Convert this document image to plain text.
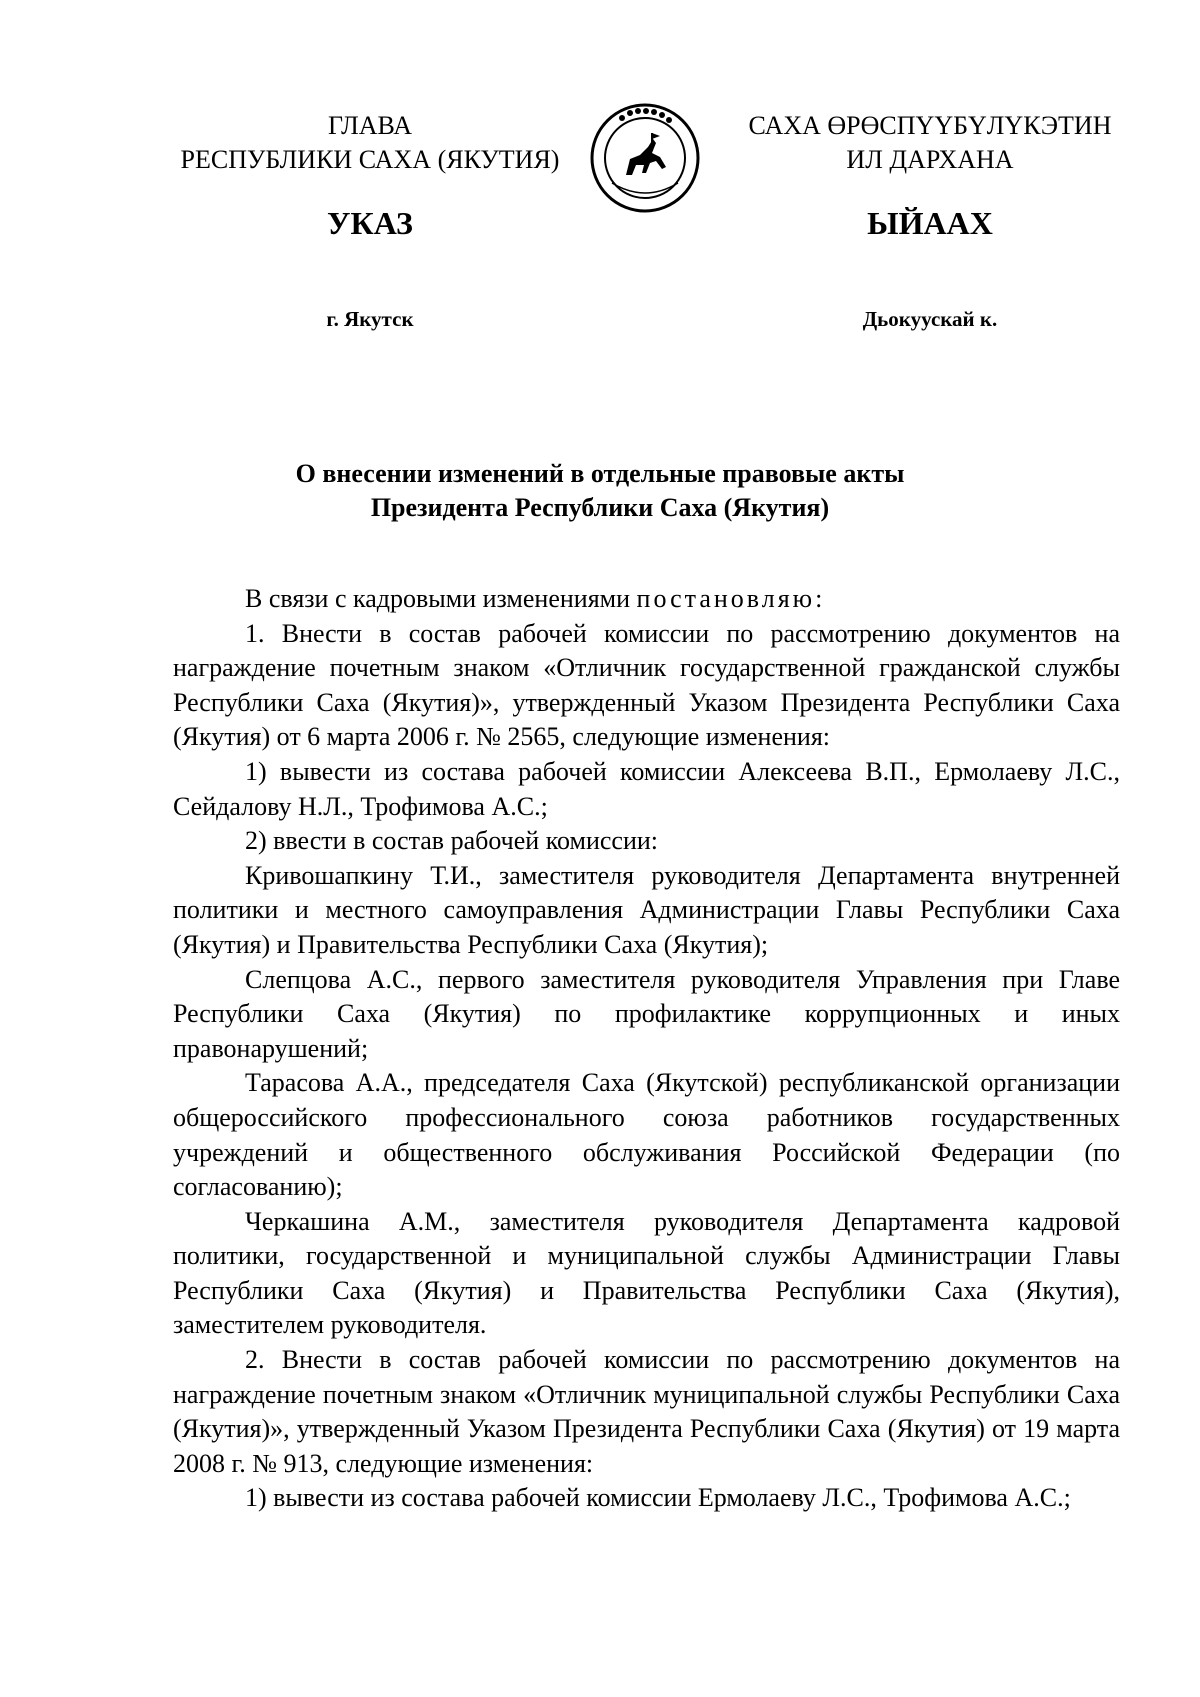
ГЛАВА
РЕСПУБЛИКИ САХА (ЯКУТИЯ)
УКАЗ
г. Якутск
САХА ӨРӨСПҮҮБҮЛҮКЭТИН
ИЛ ДАРХАНА
ЫЙААХ
Дьокуускай к.
О внесении изменений в отдельные правовые акты
Президента Республики Саха (Якутия)

В связи с кадровыми изменениями постановляю:

1. Внести в состав рабочей комиссии по рассмотрению документов на награждение почетным знаком «Отличник государственной гражданской службы Республики Саха (Якутия)», утвержденный Указом Президента Республики Саха (Якутия) от 6 марта 2006 г. № 2565, следующие изменения:

1) вывести из состава рабочей комиссии Алексеева В.П., Ермолаеву Л.С., Сейдалову Н.Л., Трофимова А.С.;

2) ввести в состав рабочей комиссии:

Кривошапкину Т.И., заместителя руководителя Департамента внутренней политики и местного самоуправления Администрации Главы Республики Саха (Якутия) и Правительства Республики Саха (Якутия);

Слепцова А.С., первого заместителя руководителя Управления при Главе Республики Саха (Якутия) по профилактике коррупционных и иных правонарушений;

Тарасова А.А., председателя Саха (Якутской) республиканской организации общероссийского профессионального союза работников государственных учреждений и общественного обслуживания Российской Федерации (по согласованию);

Черкашина А.М., заместителя руководителя Департамента кадровой политики, государственной и муниципальной службы Администрации Главы Республики Саха (Якутия) и Правительства Республики Саха (Якутия), заместителем руководителя.

2. Внести в состав рабочей комиссии по рассмотрению документов на награждение почетным знаком «Отличник муниципальной службы Республики Саха (Якутия)», утвержденный Указом Президента Республики Саха (Якутия) от 19 марта 2008 г. № 913, следующие изменения:

1) вывести из состава рабочей комиссии Ермолаеву Л.С., Трофимова А.С.;
